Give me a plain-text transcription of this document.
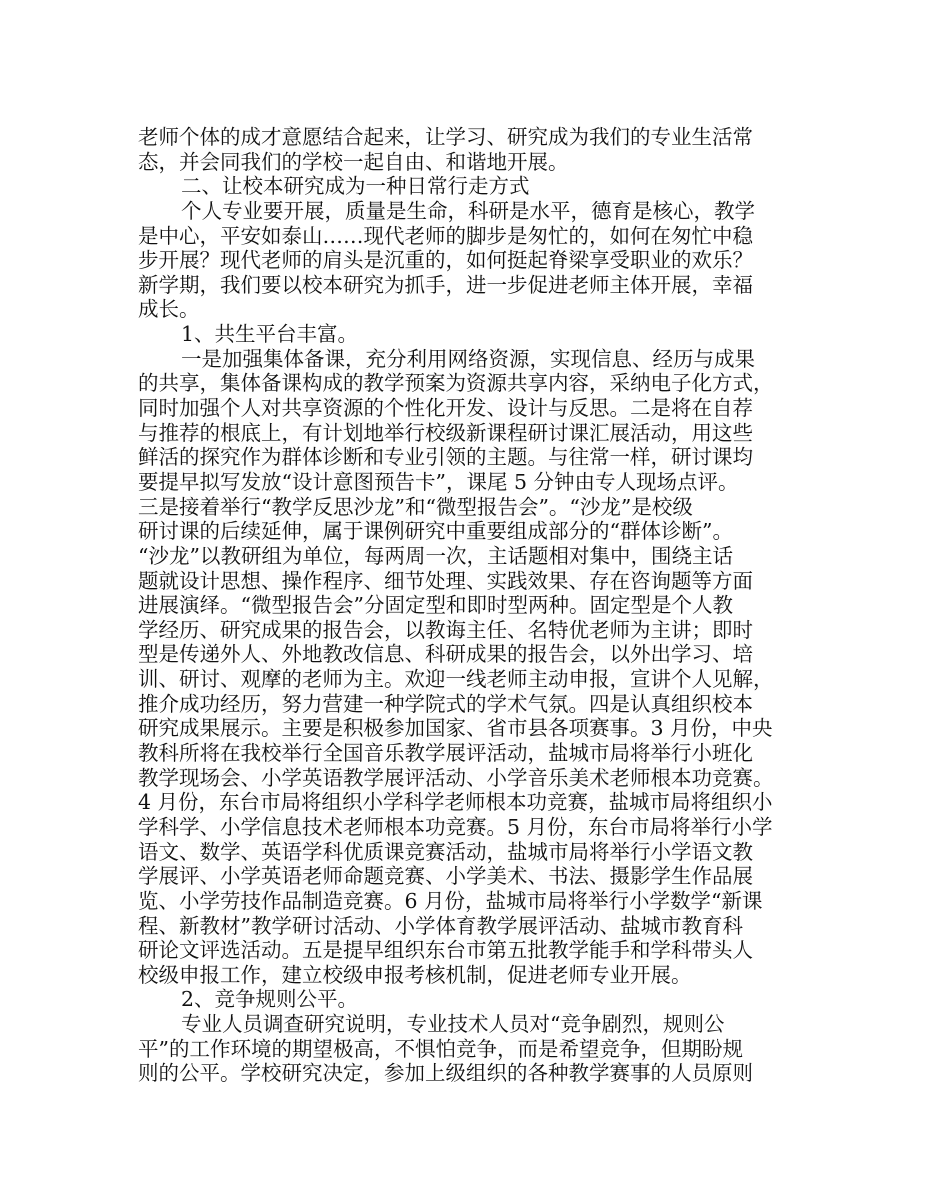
老师个体的成才意愿结合起来，让学习、研究成为我们的专业生活常
态，并会同我们的学校一起自由、和谐地开展。
二、让校本研究成为一种日常行走方式
个人专业要开展，质量是生命，科研是水平，德育是核心，教学
是中心，平安如泰山……现代老师的脚步是匆忙的，如何在匆忙中稳
步开展？现代老师的肩头是沉重的，如何挺起脊梁享受职业的欢乐？
新学期，我们要以校本研究为抓手，进一步促进老师主体开展，幸福
成长。
1、共生平台丰富。
一是加强集体备课，充分利用网络资源，实现信息、经历与成果
的共享，集体备课构成的教学预案为资源共享内容，采纳电子化方式，
同时加强个人对共享资源的个性化开发、设计与反思。二是将在自荐
与推荐的根底上，有计划地举行校级新课程研讨课汇展活动，用这些
鲜活的探究作为群体诊断和专业引领的主题。与往常一样，研讨课均
要提早拟写发放“设计意图预告卡”，课尾 5 分钟由专人现场点评。
三是接着举行“教学反思沙龙”和“微型报告会”。“沙龙”是校级
研讨课的后续延伸，属于课例研究中重要组成部分的“群体诊断”。
“沙龙”以教研组为单位，每两周一次，主话题相对集中，围绕主话
题就设计思想、操作程序、细节处理、实践效果、存在咨询题等方面
进展演绎。“微型报告会”分固定型和即时型两种。固定型是个人教
学经历、研究成果的报告会，以教诲主任、名特优老师为主讲；即时
型是传递外人、外地教改信息、科研成果的报告会，以外出学习、培
训、研讨、观摩的老师为主。欢迎一线老师主动申报，宣讲个人见解，
推介成功经历，努力营建一种学院式的学术气氛。四是认真组织校本
研究成果展示。主要是积极参加国家、省市县各项赛事。3 月份，中央
教科所将在我校举行全国音乐教学展评活动，盐城市局将举行小班化
教学现场会、小学英语教学展评活动、小学音乐美术老师根本功竞赛。
4 月份，东台市局将组织小学科学老师根本功竞赛，盐城市局将组织小
学科学、小学信息技术老师根本功竞赛。5 月份，东台市局将举行小学
语文、数学、英语学科优质课竞赛活动，盐城市局将举行小学语文教
学展评、小学英语老师命题竞赛、小学美术、书法、摄影学生作品展
览、小学劳技作品制造竞赛。6 月份，盐城市局将举行小学数学“新课
程、新教材”教学研讨活动、小学体育教学展评活动、盐城市教育科
研论文评选活动。五是提早组织东台市第五批教学能手和学科带头人
校级申报工作，建立校级申报考核机制，促进老师专业开展。
2、竞争规则公平。
专业人员调查研究说明，专业技术人员对“竞争剧烈，规则公
平”的工作环境的期望极高，不惧怕竞争，而是希望竞争，但期盼规
则的公平。学校研究决定，参加上级组织的各种教学赛事的人员原则
